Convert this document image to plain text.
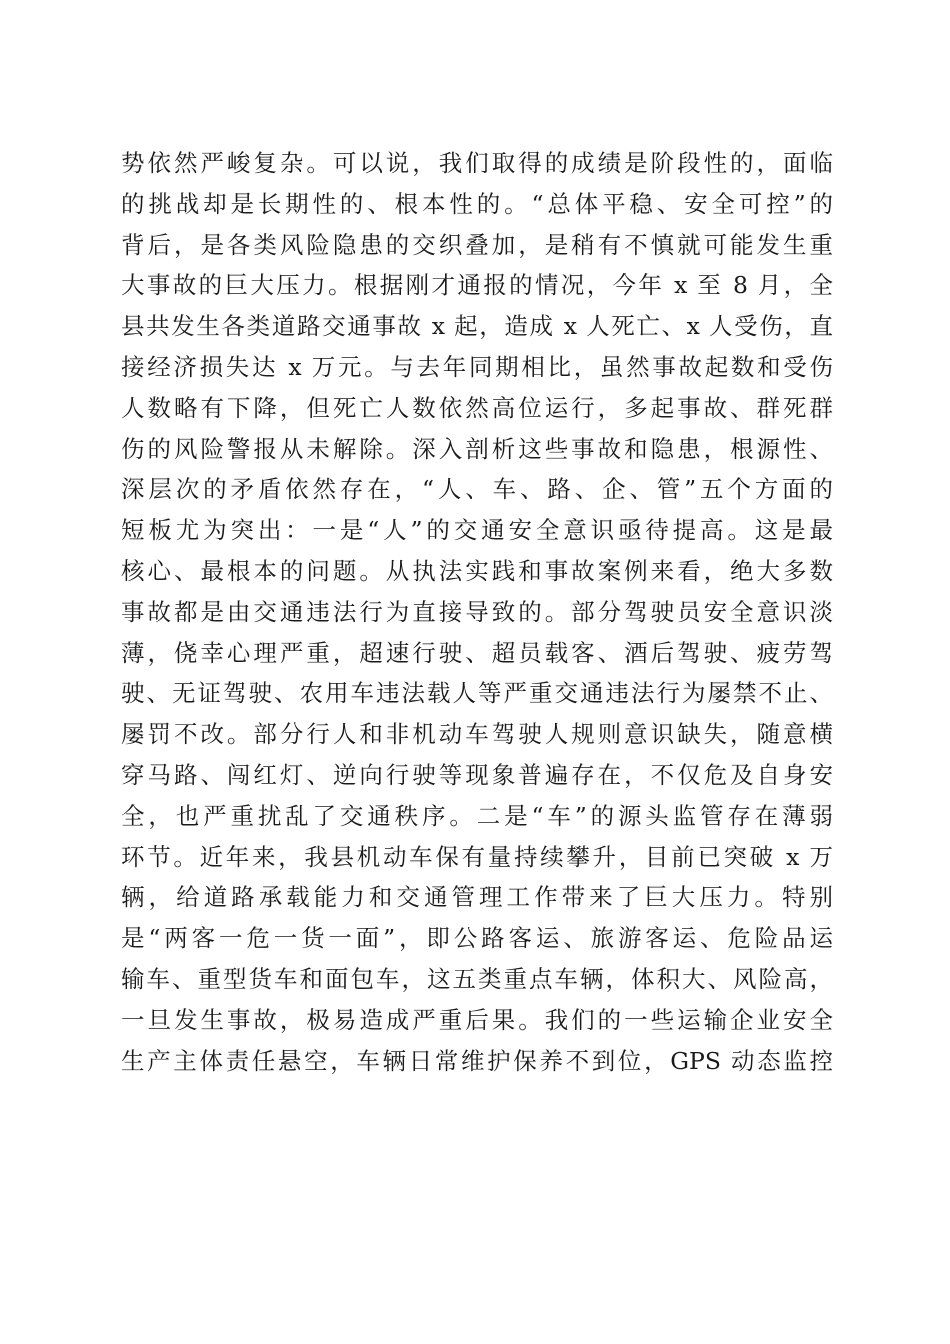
势依然严峻复杂。可以说，我们取得的成绩是阶段性的，面临
的挑战却是长期性的、根本性的。“总体平稳、安全可控”的
背后，是各类风险隐患的交织叠加，是稍有不慎就可能发生重
大事故的巨大压力。根据刚才通报的情况，今年 x 至 8 月，全
县共发生各类道路交通事故 x 起，造成 x 人死亡、x 人受伤，直
接经济损失达 x 万元。与去年同期相比，虽然事故起数和受伤
人数略有下降，但死亡人数依然高位运行，多起事故、群死群
伤的风险警报从未解除。深入剖析这些事故和隐患，根源性、
深层次的矛盾依然存在，“人、车、路、企、管”五个方面的
短板尤为突出：一是“人”的交通安全意识亟待提高。这是最
核心、最根本的问题。从执法实践和事故案例来看，绝大多数
事故都是由交通违法行为直接导致的。部分驾驶员安全意识淡
薄，侥幸心理严重，超速行驶、超员载客、酒后驾驶、疲劳驾
驶、无证驾驶、农用车违法载人等严重交通违法行为屡禁不止、
屡罚不改。部分行人和非机动车驾驶人规则意识缺失，随意横
穿马路、闯红灯、逆向行驶等现象普遍存在，不仅危及自身安
全，也严重扰乱了交通秩序。二是“车”的源头监管存在薄弱
环节。近年来，我县机动车保有量持续攀升，目前已突破 x 万
辆，给道路承载能力和交通管理工作带来了巨大压力。特别
是“两客一危一货一面”，即公路客运、旅游客运、危险品运
输车、重型货车和面包车，这五类重点车辆，体积大、风险高，
一旦发生事故，极易造成严重后果。我们的一些运输企业安全
生产主体责任悬空，车辆日常维护保养不到位，GPS 动态监控
